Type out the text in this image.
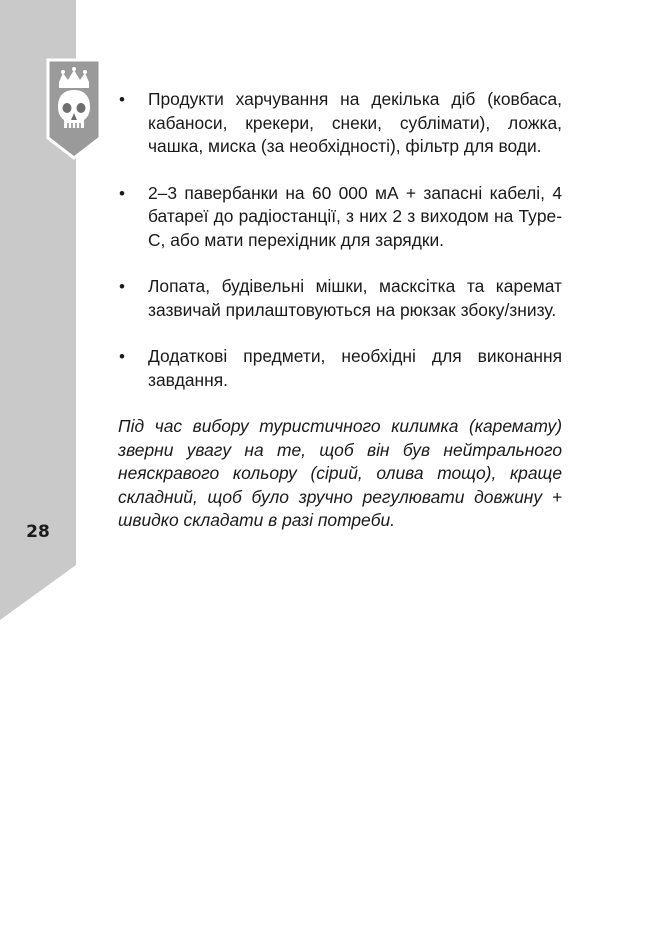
28
• Продукти харчування на декілька діб (ковбаса, кабаноси, крекери, снеки, сублімати), ложка, чашка, миска (за необхідності), фільтр для води.
• 2–3 павербанки на 60 000 мА + запасні кабелі, 4 батареї до радіостанції, з них 2 з виходом на Type-C, або мати перехідник для зарядки.
• Лопата, будівельні мішки, масксітка та каремат зазвичай прилаштовуються на рюкзак збоку/знизу.
• Додаткові предмети, необхідні для виконання завдання.

Під час вибору туристичного килимка (каремату) зверни увагу на те, щоб він був нейтрального неяскравого кольору (сірий, олива тощо), краще складний, щоб було зручно регулювати довжину + швидко складати в разі потреби.
